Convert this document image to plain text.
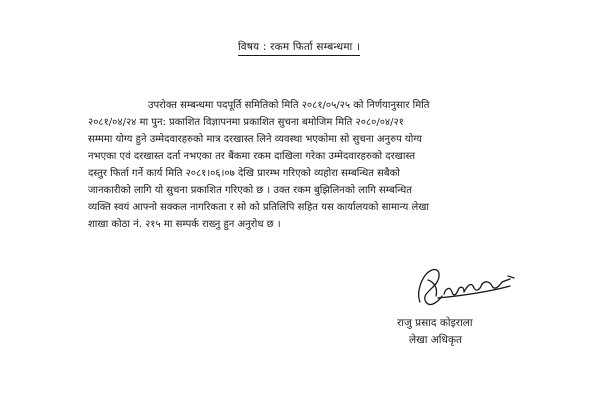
विषय : रकम फिर्ता सम्बन्धमा ।
उपरोक्त सम्बन्धमा पदपूर्ति समितिको मिति २०८१/०५/२५ को निर्णयानुसार मिति
२०८१/०४/२४ मा पुन: प्रकाशित विज्ञापनमा प्रकाशित सुचना बमोजिम मिति २०८०/०४/२१
सम्ममा योग्य हुने उम्मेदवारहरुको मात्र दरखास्त लिने व्यवस्था भएकोमा सो सुचना अनुरुप योग्य
नभएका एवं दरखास्त दर्ता नभएका तर बैंकमा रकम दाखिला गरेका उम्मेदवारहरुको दरखास्त
दस्तुर फिर्ता गर्ने कार्य मिति २०८१।०६।०७ देखि प्रारम्भ गरिएको व्यहोरा सम्बन्धित सबैको
जानकारीको लागि यो सुचना प्रकाशित गरिएको छ । उक्त रकम बुझिलिनको लागि सम्बन्धित
व्यक्ति स्वयं आफ्नो सक्कल नागरिकता र सो को प्रतिलिपि सहित यस कार्यालयको सामान्य लेखा
शाखा कोठा नं. २१५ मा सम्पर्क राख्नु हुन अनुरोध छ ।
राजु प्रसाद कोइराला
लेखा अधिकृत
